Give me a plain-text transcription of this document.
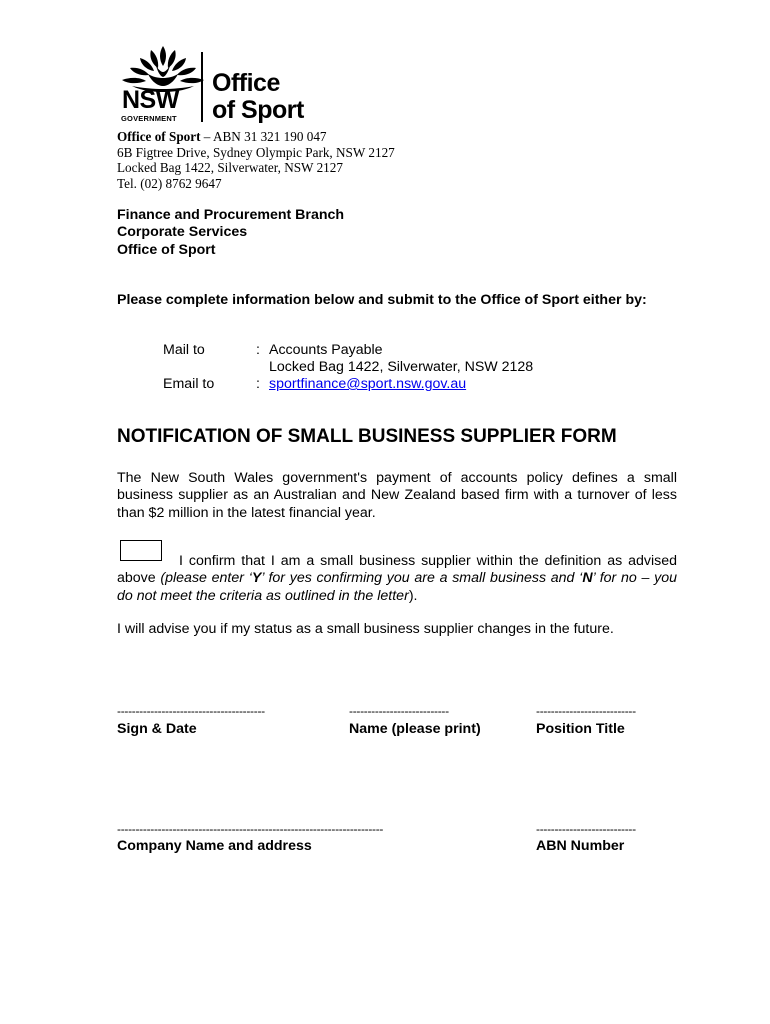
NSW
GOVERNMENT
Office
of Sport
Office of Sport – ABN 31 321 190 047
6B Figtree Drive, Sydney Olympic Park, NSW 2127
Locked Bag 1422, Silverwater, NSW 2127
Tel. (02) 8762 9647
Finance and Procurement Branch
Corporate Services
Office of Sport
Please complete information below and submit to the Office of Sport either by:
Mail to	: Accounts Payable
Locked Bag 1422, Silverwater, NSW 2128
Email to	: sportfinance@sport.nsw.gov.au
NOTIFICATION OF SMALL BUSINESS SUPPLIER FORM
The New South Wales government's payment of accounts policy defines a small business supplier as an Australian and New Zealand based firm with a turnover of less than $2 million in the latest financial year.
I confirm that I am a small business supplier within the definition as advised above (please enter ‘Y’ for yes confirming you are a small business and ‘N’ for no – you do not meet the criteria as outlined in the letter).
I will advise you if my status as a small business supplier changes in the future.
----------------------------------------	---------------------------	---------------------------
Sign & Date	Name (please print)	Position Title
------------------------------------------------------------------------	---------------------------
Company Name and address	ABN Number
